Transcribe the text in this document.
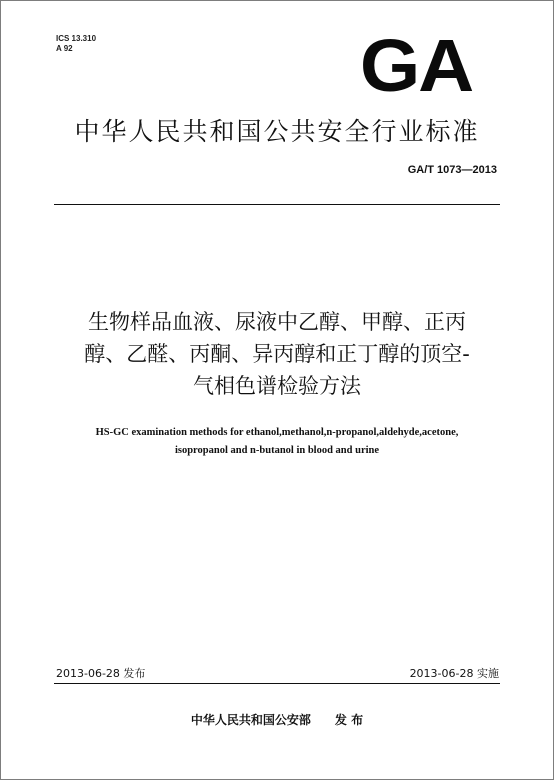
ICS 13.310
A 92	GA
中华人民共和国公共安全行业标准
GA/T 1073—2013
生物样品血液、尿液中乙醇、甲醇、正丙
醇、乙醛、丙酮、异丙醇和正丁醇的顶空-
气相色谱检验方法
HS-GC examination methods for ethanol,methanol,n-propanol,aldehyde,acetone,
isopropanol and n-butanol in blood and urine
2013-06-28 发布	2013-06-28 实施
中华人民共和国公安部 发 布
